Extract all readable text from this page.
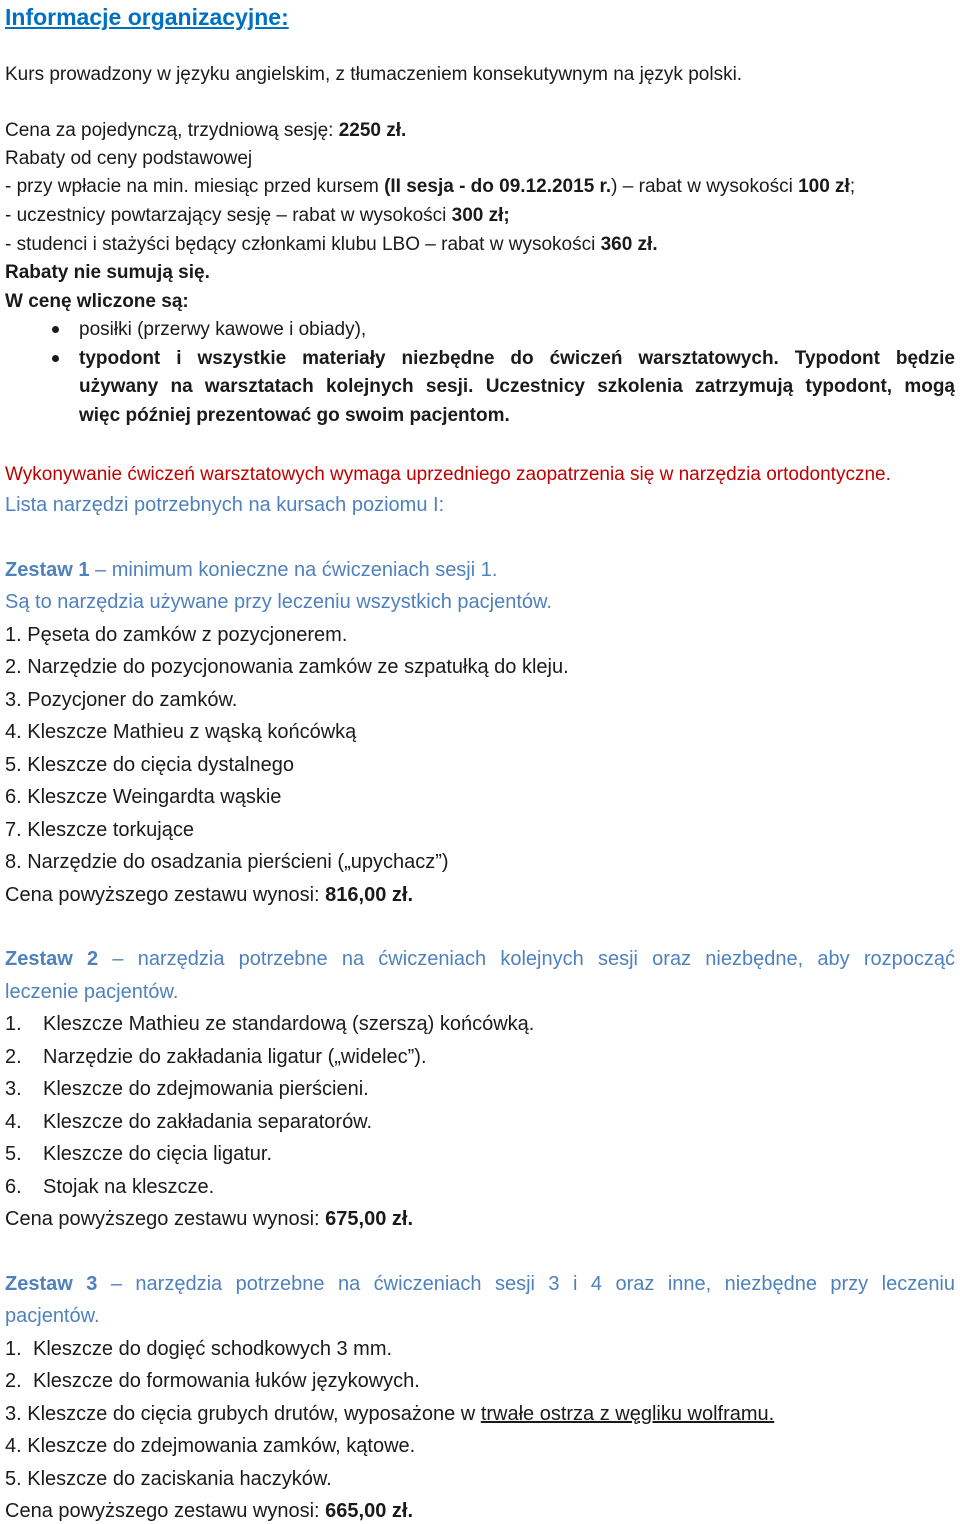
Informacje organizacyjne:
Kurs prowadzony w języku angielskim, z tłumaczeniem konsekutywnym na język polski.
Cena za pojedynczą, trzydniową sesję: 2250 zł.
Rabaty od ceny podstawowej
- przy wpłacie na min. miesiąc przed kursem (II sesja - do 09.12.2015 r.) – rabat w wysokości 100 zł;
- uczestnicy powtarzający sesję – rabat w wysokości 300 zł;
- studenci i stażyści będący członkami klubu LBO – rabat w wysokości 360 zł.
Rabaty nie sumują się.
W cenę wliczone są:
posiłki (przerwy kawowe i obiady),
typodont i wszystkie materiały niezbędne do ćwiczeń warsztatowych. Typodont będzie
używany na warsztatach kolejnych sesji. Uczestnicy szkolenia zatrzymują typodont, mogą
więc później prezentować go swoim pacjentom.
Wykonywanie ćwiczeń warsztatowych wymaga uprzedniego zaopatrzenia się w narzędzia ortodontyczne.
Lista narzędzi potrzebnych na kursach poziomu I:
Zestaw 1 – minimum konieczne na ćwiczeniach sesji 1.
Są to narzędzia używane przy leczeniu wszystkich pacjentów.
1. Pęseta do zamków z pozycjonerem.
2. Narzędzie do pozycjonowania zamków ze szpatułką do kleju.
3. Pozycjoner do zamków.
4. Kleszcze Mathieu z wąską końcówką
5. Kleszcze do cięcia dystalnego
6. Kleszcze Weingardta wąskie
7. Kleszcze torkujące
8. Narzędzie do osadzania pierścieni („upychacz”)
Cena powyższego zestawu wynosi: 816,00 zł.
Zestaw 2 – narzędzia potrzebne na ćwiczeniach kolejnych sesji oraz niezbędne, aby rozpocząć
leczenie pacjentów.
1. Kleszcze Mathieu ze standardową (szerszą) końcówką.
2. Narzędzie do zakładania ligatur („widelec”).
3. Kleszcze do zdejmowania pierścieni.
4. Kleszcze do zakładania separatorów.
5. Kleszcze do cięcia ligatur.
6. Stojak na kleszcze.
Cena powyższego zestawu wynosi: 675,00 zł.
Zestaw 3 – narzędzia potrzebne na ćwiczeniach sesji 3 i 4 oraz inne, niezbędne przy leczeniu
pacjentów.
1. Kleszcze do dogięć schodkowych 3 mm.
2. Kleszcze do formowania łuków językowych.
3. Kleszcze do cięcia grubych drutów, wyposażone w trwałe ostrza z węgliku wolframu.
4. Kleszcze do zdejmowania zamków, kątowe.
5. Kleszcze do zaciskania haczyków.
Cena powyższego zestawu wynosi: 665,00 zł.
